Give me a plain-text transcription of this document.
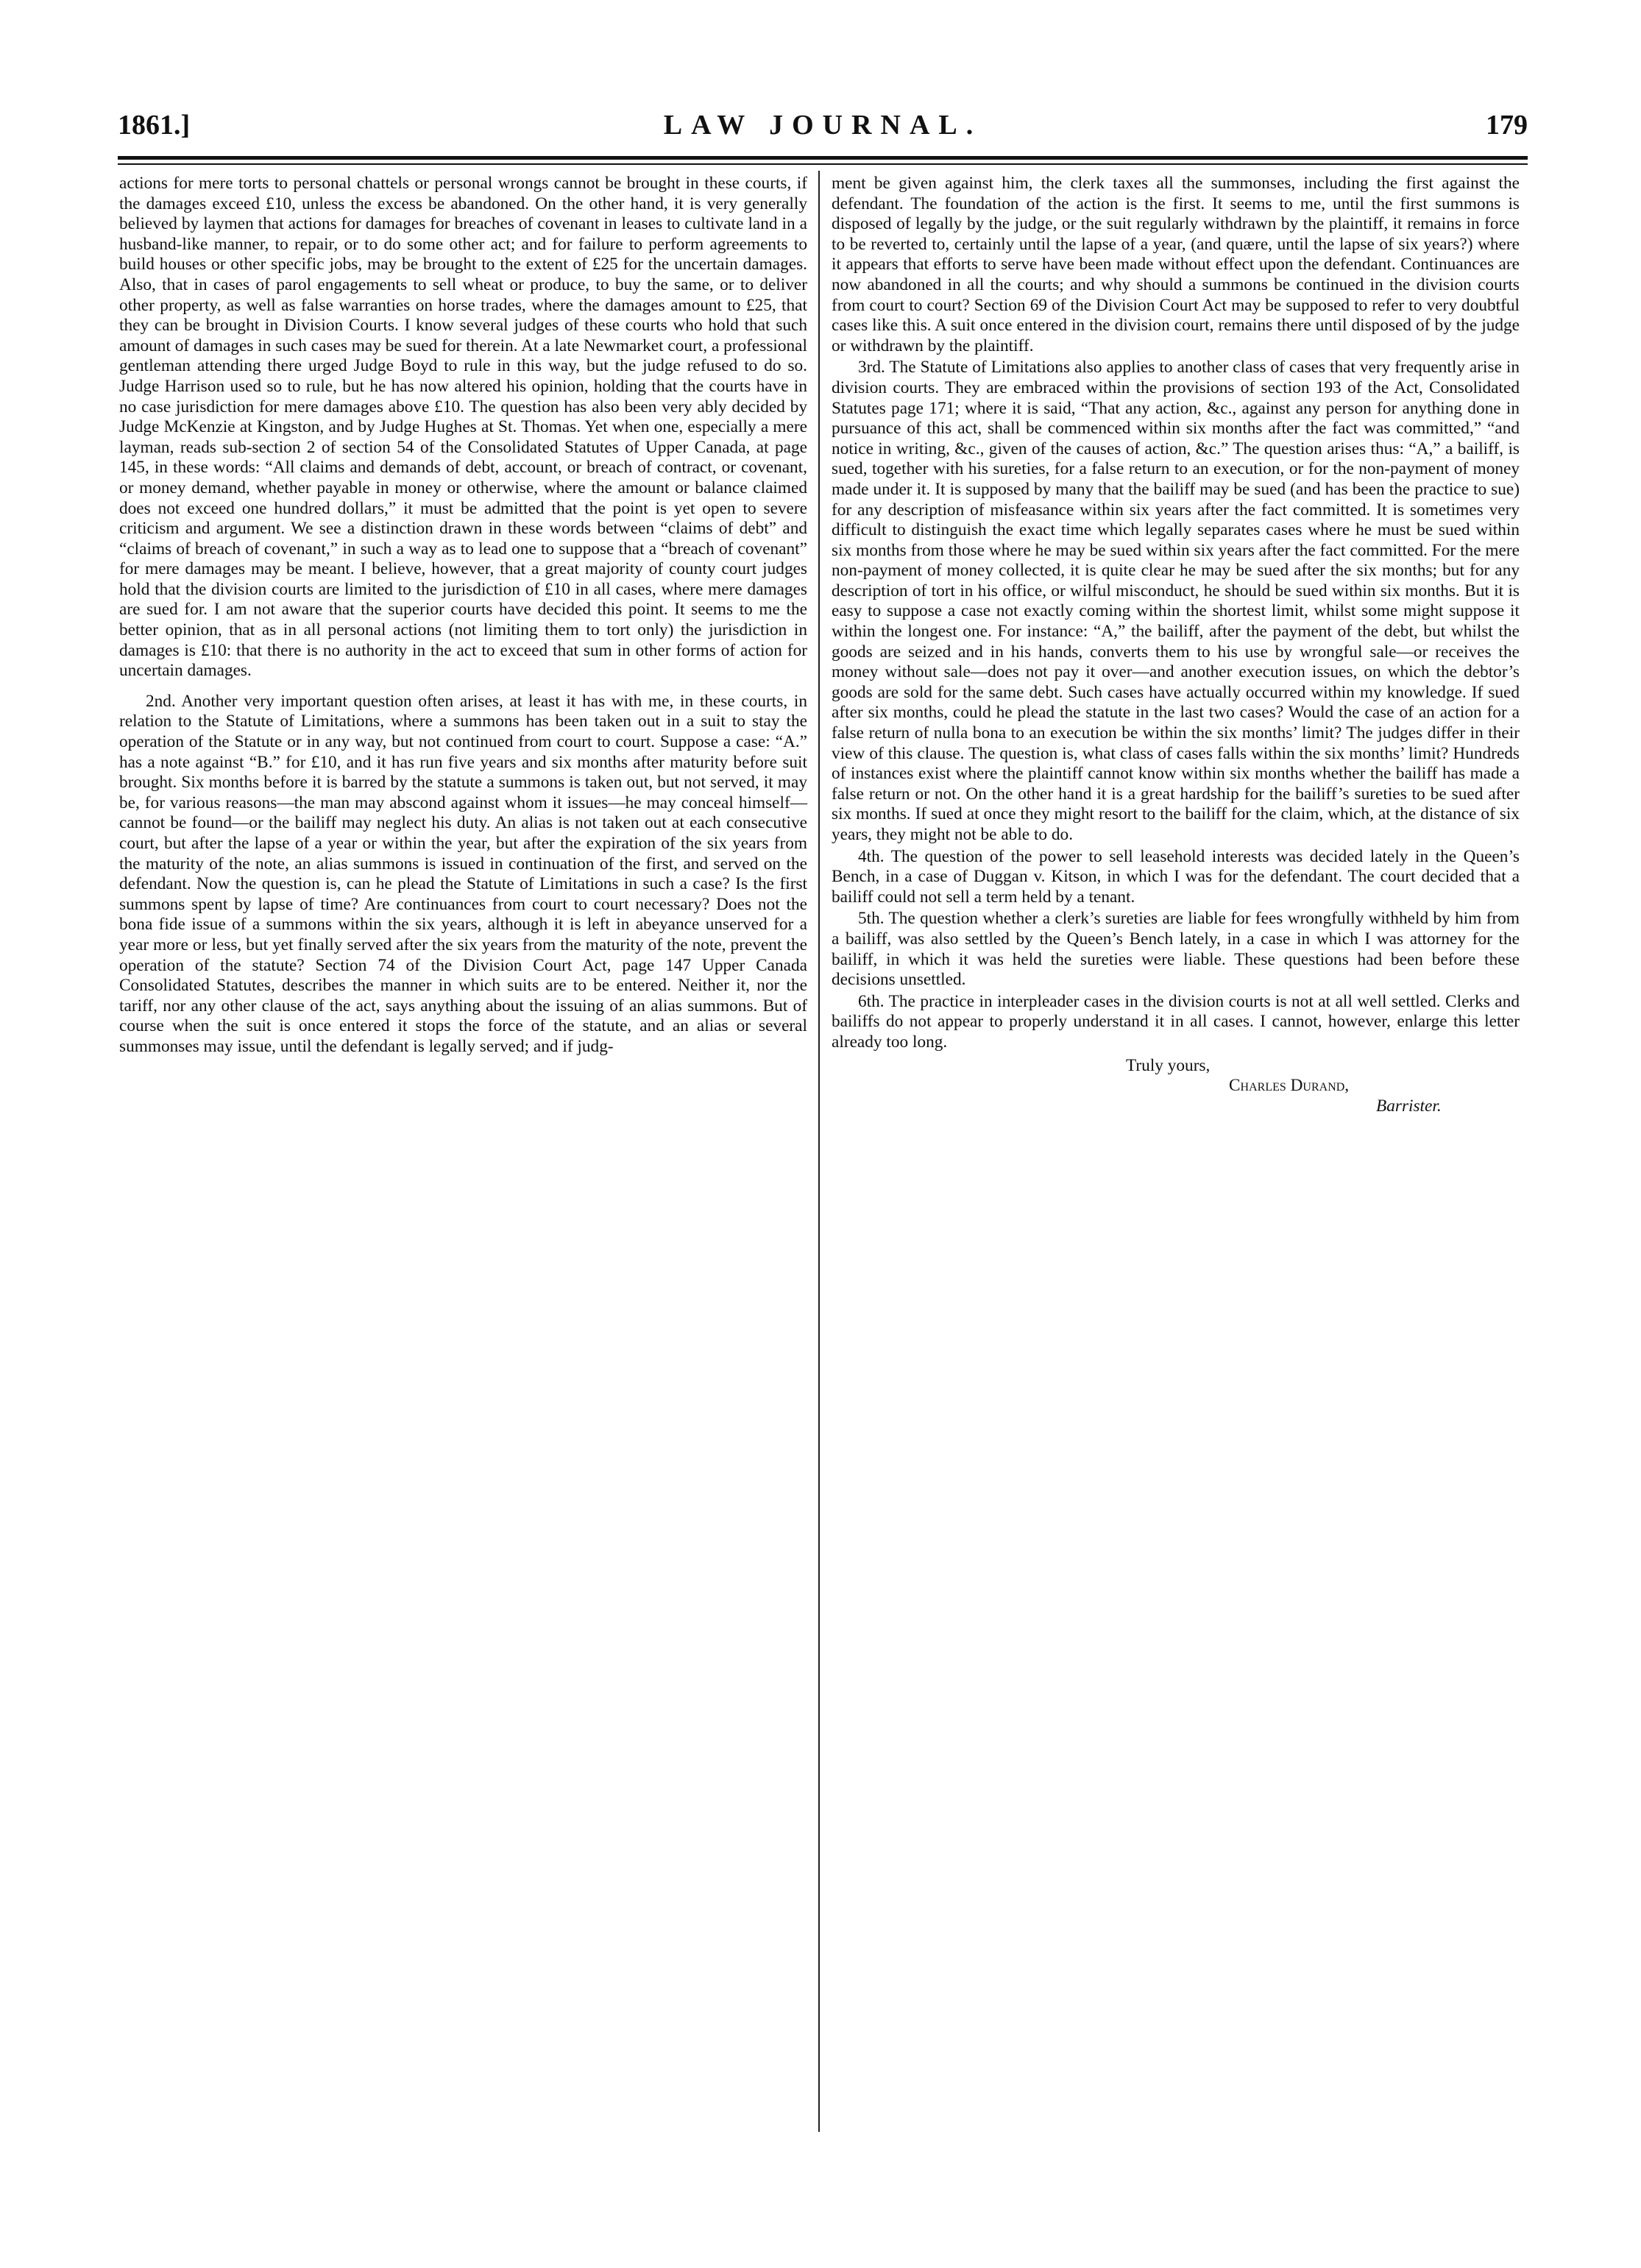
1861.]	LAW JOURNAL.	179

actions for mere torts to personal chattels or personal wrongs cannot be brought in these courts, if the damages exceed £10, unless the excess be abandoned. On the other hand, it is very generally believed by laymen that actions for damages for breaches of covenant in leases to cultivate land in a husband-like manner, to repair, or to do some other act; and for failure to perform agreements to build houses or other specific jobs, may be brought to the extent of £25 for the uncertain damages. Also, that in cases of parol engagements to sell wheat or produce, to buy the same, or to deliver other property, as well as false warranties on horse trades, where the damages amount to £25, that they can be brought in Division Courts. I know several judges of these courts who hold that such amount of damages in such cases may be sued for therein. At a late Newmarket court, a professional gentleman attending there urged Judge Boyd to rule in this way, but the judge refused to do so. Judge Harrison used so to rule, but he has now altered his opinion, holding that the courts have in no case jurisdiction for mere damages above £10. The question has also been very ably decided by Judge McKenzie at Kingston, and by Judge Hughes at St. Thomas. Yet when one, especially a mere layman, reads sub-section 2 of section 54 of the Consolidated Statutes of Upper Canada, at page 145, in these words: “All claims and demands of debt, account, or breach of contract, or covenant, or money demand, whether payable in money or otherwise, where the amount or balance claimed does not exceed one hundred dollars,” it must be admitted that the point is yet open to severe criticism and argument. We see a distinction drawn in these words between “claims of debt” and “claims of breach of covenant,” in such a way as to lead one to suppose that a “breach of covenant” for mere damages may be meant. I believe, however, that a great majority of county court judges hold that the division courts are limited to the jurisdiction of £10 in all cases, where mere damages are sued for. I am not aware that the superior courts have decided this point. It seems to me the better opinion, that as in all personal actions (not limiting them to tort only) the jurisdiction in damages is £10: that there is no authority in the act to exceed that sum in other forms of action for uncertain damages.

2nd. Another very important question often arises, at least it has with me, in these courts, in relation to the Statute of Limitations, where a summons has been taken out in a suit to stay the operation of the Statute or in any way, but not continued from court to court. Suppose a case: “A.” has a note against “B.” for £10, and it has run five years and six months after maturity before suit brought. Six months before it is barred by the statute a summons is taken out, but not served, it may be, for various reasons—the man may abscond against whom it issues—he may conceal himself—cannot be found—or the bailiff may neglect his duty. An alias is not taken out at each consecutive court, but after the lapse of a year or within the year, but after the expiration of the six years from the maturity of the note, an alias summons is issued in continuation of the first, and served on the defendant. Now the question is, can he plead the Statute of Limitations in such a case? Is the first summons spent by lapse of time? Are continuances from court to court necessary? Does not the bona fide issue of a summons within the six years, although it is left in abeyance unserved for a year more or less, but yet finally served after the six years from the maturity of the note, prevent the operation of the statute? Section 74 of the Division Court Act, page 147 Upper Canada Consolidated Statutes, describes the manner in which suits are to be entered. Neither it, nor the tariff, nor any other clause of the act, says anything about the issuing of an alias summons. But of course when the suit is once entered it stops the force of the statute, and an alias or several summonses may issue, until the defendant is legally served; and if judg-

ment be given against him, the clerk taxes all the summonses, including the first against the defendant. The foundation of the action is the first. It seems to me, until the first summons is disposed of legally by the judge, or the suit regularly withdrawn by the plaintiff, it remains in force to be reverted to, certainly until the lapse of a year, (and quære, until the lapse of six years?) where it appears that efforts to serve have been made without effect upon the defendant. Continuances are now abandoned in all the courts; and why should a summons be continued in the division courts from court to court? Section 69 of the Division Court Act may be supposed to refer to very doubtful cases like this. A suit once entered in the division court, remains there until disposed of by the judge or withdrawn by the plaintiff.

3rd. The Statute of Limitations also applies to another class of cases that very frequently arise in division courts. They are embraced within the provisions of section 193 of the Act, Consolidated Statutes page 171; where it is said, “That any action, &c., against any person for anything done in pursuance of this act, shall be commenced within six months after the fact was committed,” “and notice in writing, &c., given of the causes of action, &c.” The question arises thus: “A,” a bailiff, is sued, together with his sureties, for a false return to an execution, or for the non-payment of money made under it. It is supposed by many that the bailiff may be sued (and has been the practice to sue) for any description of misfeasance within six years after the fact committed. It is sometimes very difficult to distinguish the exact time which legally separates cases where he must be sued within six months from those where he may be sued within six years after the fact committed. For the mere non-payment of money collected, it is quite clear he may be sued after the six months; but for any description of tort in his office, or wilful misconduct, he should be sued within six months. But it is easy to suppose a case not exactly coming within the shortest limit, whilst some might suppose it within the longest one. For instance: “A,” the bailiff, after the payment of the debt, but whilst the goods are seized and in his hands, converts them to his use by wrongful sale—or receives the money without sale—does not pay it over—and another execution issues, on which the debtor’s goods are sold for the same debt. Such cases have actually occurred within my knowledge. If sued after six months, could he plead the statute in the last two cases? Would the case of an action for a false return of nulla bona to an execution be within the six months’ limit? The judges differ in their view of this clause. The question is, what class of cases falls within the six months’ limit? Hundreds of instances exist where the plaintiff cannot know within six months whether the bailiff has made a false return or not. On the other hand it is a great hardship for the bailiff’s sureties to be sued after six months. If sued at once they might resort to the bailiff for the claim, which, at the distance of six years, they might not be able to do.

4th. The question of the power to sell leasehold interests was decided lately in the Queen’s Bench, in a case of Duggan v. Kitson, in which I was for the defendant. The court decided that a bailiff could not sell a term held by a tenant.

5th. The question whether a clerk’s sureties are liable for fees wrongfully withheld by him from a bailiff, was also settled by the Queen’s Bench lately, in a case in which I was attorney for the bailiff, in which it was held the sureties were liable. These questions had been before these decisions unsettled.

6th. The practice in interpleader cases in the division courts is not at all well settled. Clerks and bailiffs do not appear to properly understand it in all cases. I cannot, however, enlarge this letter already too long.

Truly yours,
Charles Durand,
Barrister.
